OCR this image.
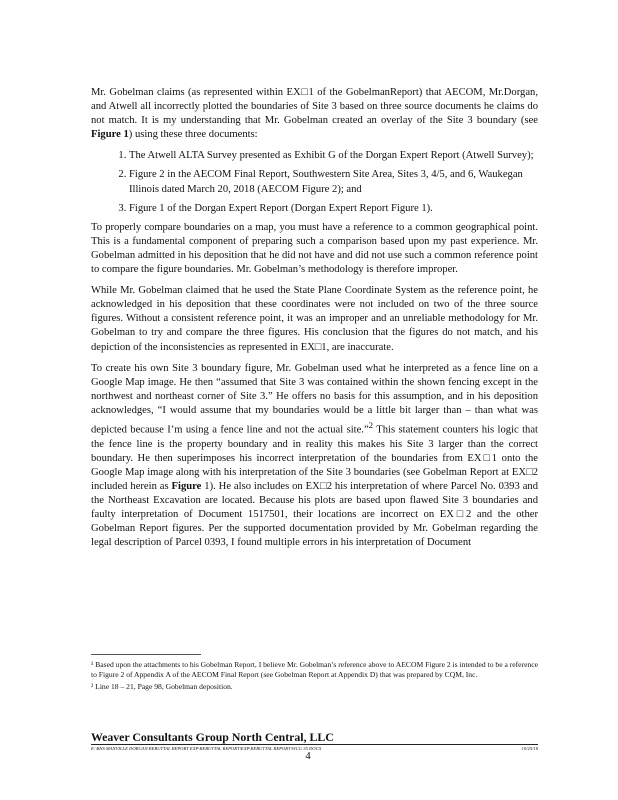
Mr. Gobelman claims (as represented within EX□1 of the GobelmanReport) that AECOM, Mr.Dorgan, and Atwell all incorrectly plotted the boundaries of Site 3 based on three source documents he claims do not match. It is my understanding that Mr. Gobelman created an overlay of the Site 3 boundary (see Figure 1) using these three documents:

1. The Atwell ALTA Survey presented as Exhibit G of the Dorgan Expert Report (Atwell Survey);
2. Figure 2 in the AECOM Final Report, Southwestern Site Area, Sites 3, 4/5, and 6, Waukegan Illinois dated March 20, 2018 (AECOM Figure 2); and
3. Figure 1 of the Dorgan Expert Report (Dorgan Expert Report Figure 1).

To properly compare boundaries on a map, you must have a reference to a common geographical point. This is a fundamental component of preparing such a comparison based upon my past experience. Mr. Gobelman admitted in his deposition that he did not have and did not use such a common reference point to compare the figure boundaries. Mr. Gobelman’s methodology is therefore improper.

While Mr. Gobelman claimed that he used the State Plane Coordinate System as the reference point, he acknowledged in his deposition that these coordinates were not included on two of the three source figures. Without a consistent reference point, it was an improper and an unreliable methodology for Mr. Gobelman to try and compare the three figures. His conclusion that the figures do not match, and his depiction of the inconsistencies as represented in EX□1, are inaccurate.

To create his own Site 3 boundary figure, Mr. Gobelman used what he interpreted as a fence line on a Google Map image. He then “assumed that Site 3 was contained within the shown fencing except in the northwest and northeast corner of Site 3.” He offers no basis for this assumption, and in his deposition acknowledges, “I would assume that my boundaries would be a little bit larger than – than what was depicted because I’m using a fence line and not the actual site.”$^2$ This statement counters his logic that the fence line is the property boundary and in reality this makes his Site 3 larger than the correct boundary. He then superimposes his incorrect interpretation of the boundaries from EX□1 onto the Google Map image along with his interpretation of the Site 3 boundaries (see Gobelman Report at EX□2 included herein as Figure 1). He also includes on EX□2 his interpretation of where Parcel No. 0393 and the Northeast Excavation are located. Because his plots are based upon flawed Site 3 boundaries and faulty interpretation of Document 1517501, their locations are incorrect on EX□2 and the other Gobelman Report figures. Per the supported documentation provided by Mr. Gobelman regarding the legal description of Parcel 0393, I found multiple errors in his interpretation of Document

¹ Based upon the attachments to his Gobelman Report, I believe Mr. Gobelman’s reference above to AECOM Figure 2 is intended to be a reference to Figure 2 of Appendix A of the AECOM Final Report (see Gobelman Report at Appendix D) that was prepared by CQM, Inc.

² Line 18 – 21, Page 98, Gobelman deposition.

Weaver Consultants Group North Central, LLC
E:\BNS MANVILLE DORGAN REBUTTAL REPORT EXP\REBUTTAL REPORT\EXP\REBUTTAL REPORT\WCG 35 DOCX	10/25/18
4
